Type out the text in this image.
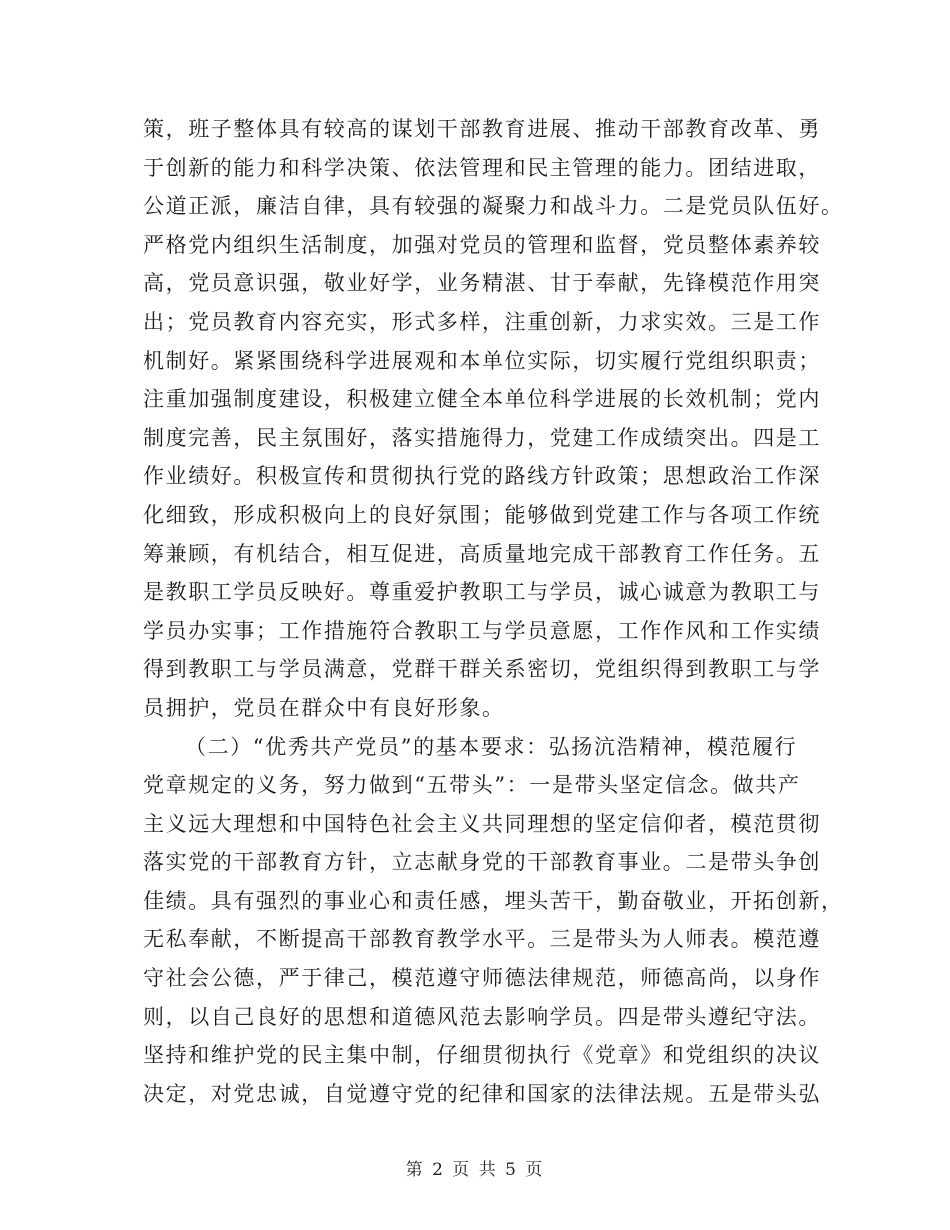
策，班子整体具有较高的谋划干部教育进展、推动干部教育改革、勇
于创新的能力和科学决策、依法管理和民主管理的能力。团结进取，
公道正派，廉洁自律，具有较强的凝聚力和战斗力。二是党员队伍好。
严格党内组织生活制度，加强对党员的管理和监督，党员整体素养较
高，党员意识强，敬业好学，业务精湛、甘于奉献，先锋模范作用突
出；党员教育内容充实，形式多样，注重创新，力求实效。三是工作
机制好。紧紧围绕科学进展观和本单位实际，切实履行党组织职责；
注重加强制度建设，积极建立健全本单位科学进展的长效机制；党内
制度完善，民主氛围好，落实措施得力，党建工作成绩突出。四是工
作业绩好。积极宣传和贯彻执行党的路线方针政策；思想政治工作深
化细致，形成积极向上的良好氛围；能够做到党建工作与各项工作统
筹兼顾，有机结合，相互促进，高质量地完成干部教育工作任务。五
是教职工学员反映好。尊重爱护教职工与学员，诚心诚意为教职工与
学员办实事；工作措施符合教职工与学员意愿，工作作风和工作实绩
得到教职工与学员满意，党群干群关系密切，党组织得到教职工与学
员拥护，党员在群众中有良好形象。
（二）“优秀共产党员”的基本要求：弘扬沆浩精神，模范履行
党章规定的义务，努力做到“五带头”：一是带头坚定信念。做共产
主义远大理想和中国特色社会主义共同理想的坚定信仰者，模范贯彻
落实党的干部教育方针，立志献身党的干部教育事业。二是带头争创
佳绩。具有强烈的事业心和责任感，埋头苦干，勤奋敬业，开拓创新，
无私奉献，不断提高干部教育教学水平。三是带头为人师表。模范遵
守社会公德，严于律己，模范遵守师德法律规范，师德高尚，以身作
则，以自己良好的思想和道德风范去影响学员。四是带头遵纪守法。
坚持和维护党的民主集中制，仔细贯彻执行《党章》和党组织的决议
决定，对党忠诚，自觉遵守党的纪律和国家的法律法规。五是带头弘
第 2 页 共 5 页
